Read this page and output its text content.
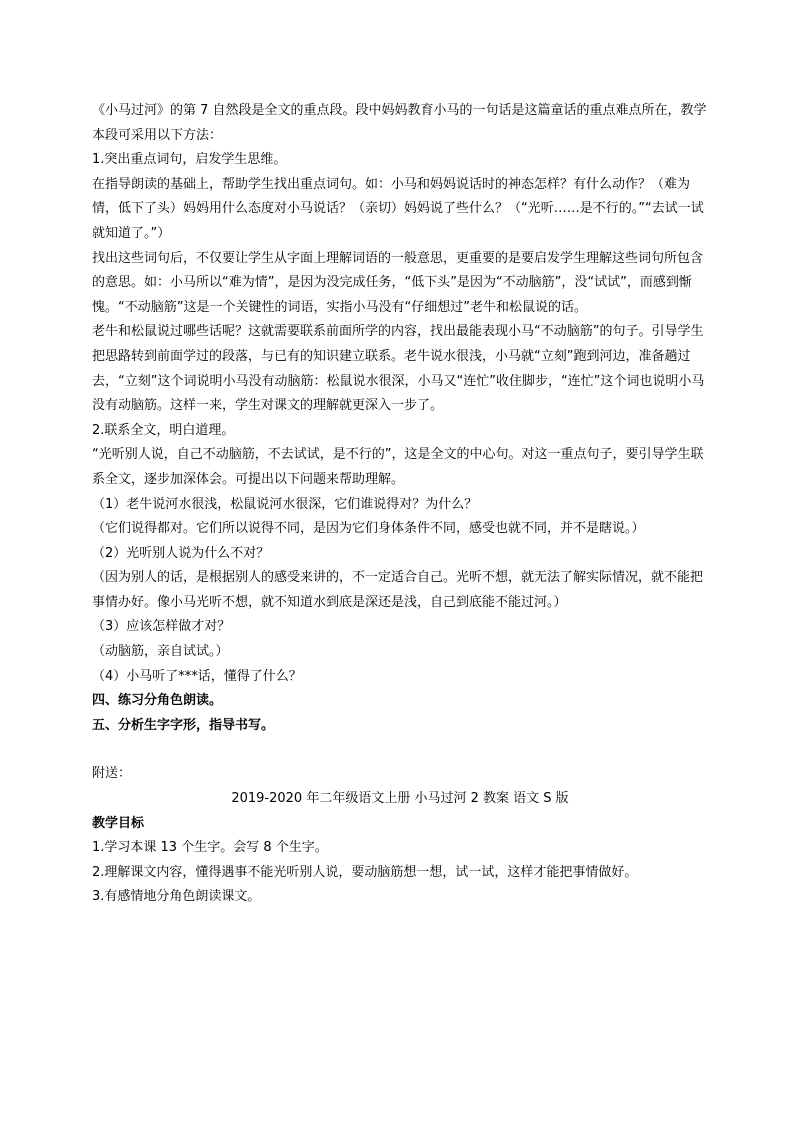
《小马过河》的第 7 自然段是全文的重点段。段中妈妈教育小马的一句话是这篇童话的重点难点所在，教学本段可采用以下方法：

1.突出重点词句，启发学生思维。

在指导朗读的基础上，帮助学生找出重点词句。如：小马和妈妈说话时的神态怎样？有什么动作？（难为情，低下了头）妈妈用什么态度对小马说话？（亲切）妈妈说了些什么？（“光听……是不行的。”“去试一试就知道了。”）

找出这些词句后，不仅要让学生从字面上理解词语的一般意思，更重要的是要启发学生理解这些词句所包含的意思。如：小马所以“难为情”，是因为没完成任务，“低下头”是因为“不动脑筋”，没“试试”，而感到惭愧。“不动脑筋”这是一个关键性的词语，实指小马没有“仔细想过”老牛和松鼠说的话。

老牛和松鼠说过哪些话呢？这就需要联系前面所学的内容，找出最能表现小马“不动脑筋”的句子。引导学生把思路转到前面学过的段落，与已有的知识建立联系。老牛说水很浅，小马就“立刻”跑到河边，准备趟过去，“立刻”这个词说明小马没有动脑筋：松鼠说水很深，小马又“连忙”收住脚步，“连忙”这个词也说明小马没有动脑筋。这样一来，学生对课文的理解就更深入一步了。

2.联系全文，明白道理。

“光听别人说，自己不动脑筋，不去试试，是不行的”，这是全文的中心句。对这一重点句子，要引导学生联系全文，逐步加深体会。可提出以下问题来帮助理解。

（1）老牛说河水很浅，松鼠说河水很深，它们谁说得对？为什么？

（它们说得都对。它们所以说得不同，是因为它们身体条件不同，感受也就不同，并不是瞎说。）

（2）光听别人说为什么不对？

（因为别人的话，是根据别人的感受来讲的，不一定适合自己。光听不想，就无法了解实际情况，就不能把事情办好。像小马光听不想，就不知道水到底是深还是浅，自己到底能不能过河。）

（3）应该怎样做才对？

（动脑筋，亲自试试。）

（4）小马听了***话，懂得了什么？

四、练习分角色朗读。

五、分析生字字形，指导书写。

附送：

2019-2020 年二年级语文上册 小马过河 2 教案 语文 S 版

教学目标

1.学习本课 13 个生字。会写 8 个生字。

2.理解课文内容，懂得遇事不能光听别人说，要动脑筋想一想，试一试，这样才能把事情做好。

3.有感情地分角色朗读课文。
